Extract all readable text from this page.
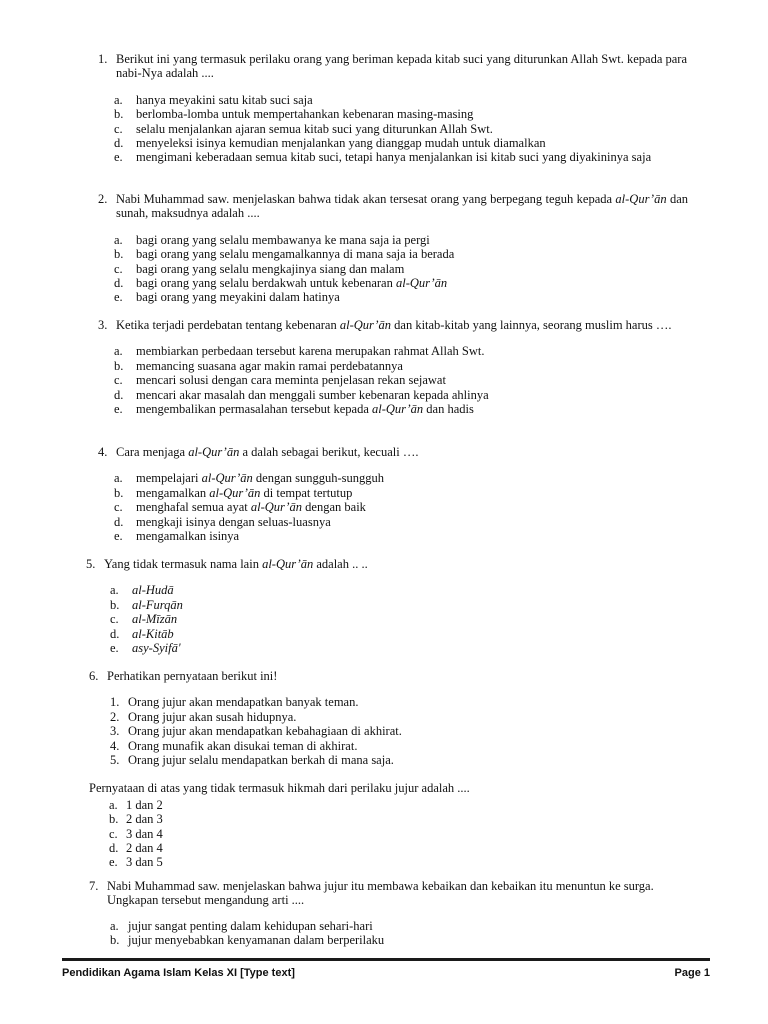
1. Berikut ini yang termasuk perilaku orang yang beriman kepada kitab suci yang diturunkan Allah Swt. kepada para nabi-Nya adalah ....
a.	hanya meyakini satu kitab suci saja
b.	berlomba-lomba untuk mempertahankan kebenaran masing-masing
c.	selalu menjalankan ajaran semua kitab suci yang diturunkan Allah Swt.
d.	menyeleksi isinya kemudian menjalankan yang dianggap mudah untuk diamalkan
e.	mengimani keberadaan semua kitab suci, tetapi hanya menjalankan isi kitab suci yang diyakininya saja
2. Nabi Muhammad saw. menjelaskan bahwa tidak akan tersesat orang yang berpegang teguh kepada al-Qur’ān dan sunah, maksudnya adalah ....
a.	bagi orang yang selalu membawanya ke mana saja ia pergi
b.	bagi orang yang selalu mengamalkannya di mana saja ia berada
c.	bagi orang yang selalu mengkajinya siang dan malam
d.	bagi orang yang selalu berdakwah untuk kebenaran al-Qur’ān
e.	bagi orang yang meyakini dalam hatinya
3. Ketika terjadi perdebatan tentang kebenaran al-Qur’ān dan kitab-kitab yang lainnya, seorang muslim harus ….
a.	membiarkan perbedaan tersebut karena merupakan rahmat Allah Swt.
b.	memancing suasana agar makin ramai perdebatannya
c.	mencari solusi dengan cara meminta penjelasan rekan sejawat
d.	mencari akar masalah dan menggali sumber kebenaran kepada ahlinya
e.	mengembalikan permasalahan tersebut kepada al-Qur’ān dan hadis
4. Cara menjaga al-Qur’ān a dalah sebagai berikut, kecuali ….
a.	mempelajari al-Qur’ān dengan sungguh-sungguh
b.	mengamalkan al-Qur’ān di tempat tertutup
c.	menghafal semua ayat al-Qur’ān dengan baik
d.	mengkaji isinya dengan seluas-luasnya
e.	mengamalkan isinya
5. Yang tidak termasuk nama lain al-Qur’ān adalah .. ..
a.	al-Hudā
b.	al-Furqān
c.	al-Mīzān
d.	al-Kitāb
e.	asy-Syifā'
6. Perhatikan pernyataan berikut ini!
1. Orang jujur akan mendapatkan banyak teman.
2. Orang jujur akan susah hidupnya.
3. Orang jujur akan mendapatkan kebahagiaan di akhirat.
4. Orang munafik akan disukai teman di akhirat.
5. Orang jujur selalu mendapatkan berkah di mana saja.
Pernyataan di atas yang tidak termasuk hikmah dari perilaku jujur adalah ....
a. 1 dan 2
b. 2 dan 3
c. 3 dan 4
d. 2 dan 4
e. 3 dan 5
7. Nabi Muhammad saw. menjelaskan bahwa jujur itu membawa kebaikan dan kebaikan itu menuntun ke surga. Ungkapan tersebut mengandung arti ....
a. jujur sangat penting dalam kehidupan sehari-hari
b. jujur menyebabkan kenyamanan dalam berperilaku
Pendidikan Agama Islam Kelas XI [Type text]	Page 1
